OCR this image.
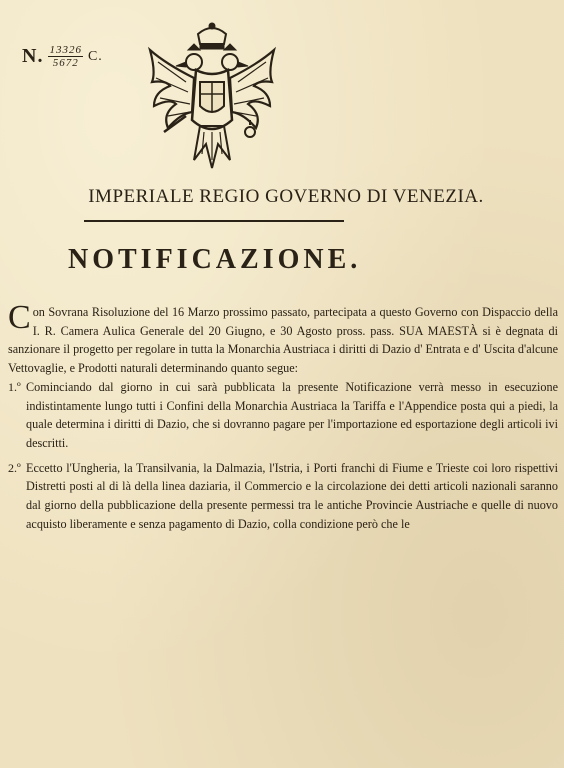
N. $\frac{13326}{5672} C$.
IMPERIALE REGIO GOVERNO DI VENEZIA.
NOTIFICAZIONE.

Con Sovrana Risoluzione del 16 Marzo prossimo passato, partecipata a questo Governo con Dispaccio della I. R. Camera Aulica Generale del 20 Giugno, e 30 Agosto pross. pass. SUA MAESTÀ si è degnata di sanzionare il progetto per regolare in tutta la Monarchia Austriaca i diritti di Dazio d' Entrata e d' Uscita d'alcune Vettovaglie, e Prodotti naturali determinando quanto segue:

1.º Cominciando dal giorno in cui sarà pubblicata la presente Notificazione verrà messo in esecuzione indistintamente lungo tutti i Confini della Monarchia Austriaca la Tariffa e l'Appendice posta qui a piedi, la quale determina i diritti di Dazio, che si dovranno pagare per l'importazione ed esportazione degli articoli ivi descritti.

2.º Eccetto l'Ungheria, la Transilvania, la Dalmazia, l'Istria, i Porti franchi di Fiume e Trieste coi loro rispettivi Distretti posti al di là della linea daziaria, il Commercio e la circolazione dei detti articoli nazionali saranno dal giorno della pubblicazione della presente permessi tra le antiche Provincie Austriache e quelle di nuovo acquisto liberamente e senza pagamento di Dazio, colla condizione però che le
